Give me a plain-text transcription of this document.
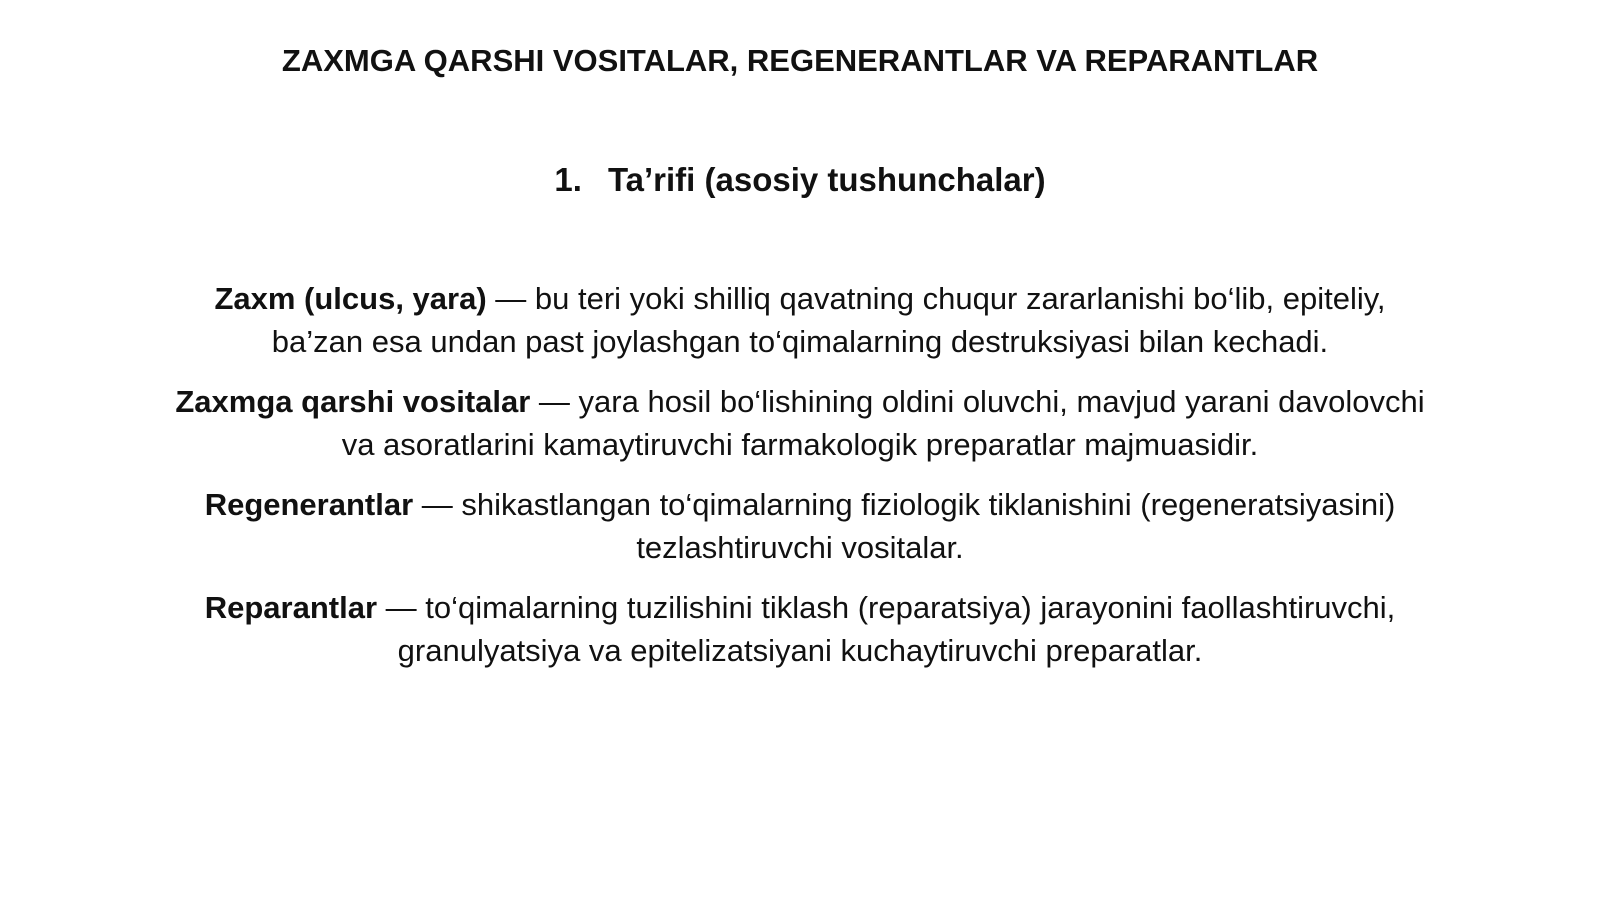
ZAXMGA QARSHI VOSITALAR, REGENERANTLAR VA REPARANTLAR
1. Ta’rifi (asosiy tushunchalar)

Zaxm (ulcus, yara) — bu teri yoki shilliq qavatning chuqur zararlanishi bo‘lib, epiteliy, ba’zan esa undan past joylashgan to‘qimalarning destruksiyasi bilan kechadi.

Zaxmga qarshi vositalar — yara hosil bo‘lishining oldini oluvchi, mavjud yarani davolovchi va asoratlarini kamaytiruvchi farmakologik preparatlar majmuasidir.

Regenerantlar — shikastlangan to‘qimalarning fiziologik tiklanishini (regeneratsiyasini) tezlashtiruvchi vositalar.

Reparantlar — to‘qimalarning tuzilishini tiklash (reparatsiya) jarayonini faollashtiruvchi, granulyatsiya va epitelizatsiyani kuchaytiruvchi preparatlar.
